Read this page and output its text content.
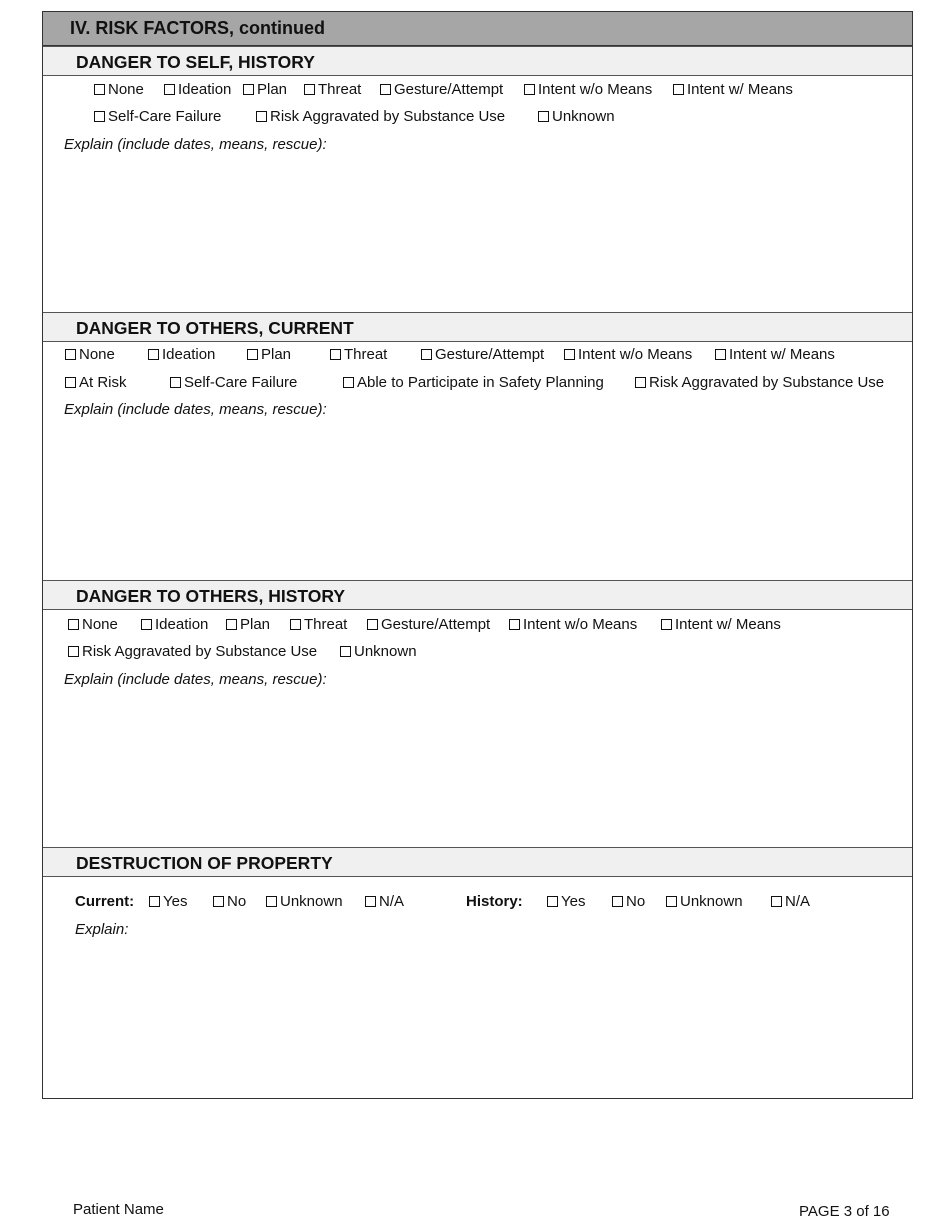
IV. RISK FACTORS, continued
DANGER TO SELF, HISTORY
None	Ideation	Plan	Threat	Gesture/Attempt	Intent w/o Means	Intent w/ Means
Self-Care Failure	Risk Aggravated by Substance Use	Unknown
Explain (include dates, means, rescue):
DANGER TO OTHERS, CURRENT
None	Ideation	Plan	Threat	Gesture/Attempt	Intent w/o Means	Intent w/ Means
At Risk	Self-Care Failure	Able to Participate in Safety Planning	Risk Aggravated by Substance Use
Explain (include dates, means, rescue):
DANGER TO OTHERS, HISTORY
None	Ideation	Plan	Threat	Gesture/Attempt	Intent w/o Means	Intent w/ Means
Risk Aggravated by Substance Use	Unknown
Explain (include dates, means, rescue):
DESTRUCTION OF PROPERTY
Current:	Yes	No	Unknown	N/A	History:	Yes	No	Unknown	N/A
Explain:
Patient Name	PAGE 3 of 16
